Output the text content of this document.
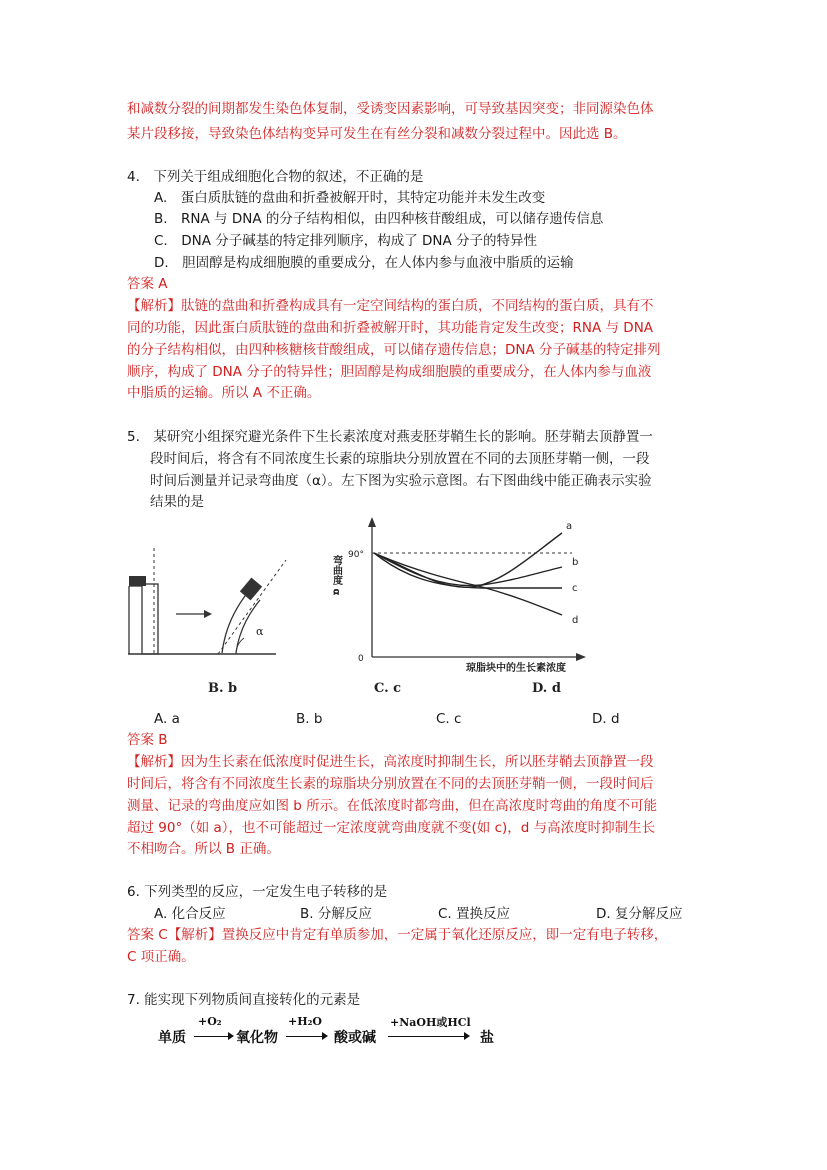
和减数分裂的间期都发生染色体复制，受诱变因素影响，可导致基因突变；非同源染色体
某片段移接，导致染色体结构变异可发生在有丝分裂和减数分裂过程中。因此选 B。
4.　下列关于组成细胞化合物的叙述，不正确的是
A.　蛋白质肽链的盘曲和折叠被解开时，其特定功能并未发生改变
B.　RNA 与 DNA 的分子结构相似，由四种核苷酸组成，可以储存遗传信息
C.　DNA 分子碱基的特定排列顺序，构成了 DNA 分子的特异性
D.　胆固醇是构成细胞膜的重要成分，在人体内参与血液中脂质的运输
答案 A
【解析】肽链的盘曲和折叠构成具有一定空间结构的蛋白质，不同结构的蛋白质，具有不
同的功能，因此蛋白质肽链的盘曲和折叠被解开时，其功能肯定发生改变；RNA 与 DNA
的分子结构相似，由四种核糖核苷酸组成，可以储存遗传信息；DNA 分子碱基的特定排列
顺序，构成了 DNA 分子的特异性；胆固醇是构成细胞膜的重要成分，在人体内参与血液
中脂质的运输。所以 A 不正确。
5.　某研究小组探究避光条件下生长素浓度对燕麦胚芽鞘生长的影响。胚芽鞘去顶静置一
段时间后，将含有不同浓度生长素的琼脂块分别放置在不同的去顶胚芽鞘一侧，一段
时间后测量并记录弯曲度（α）。左下图为实验示意图。右下图曲线中能正确表示实验
结果的是
α
弯曲度 α 90°
0
b
c
d
a
琼脂块中的生长素浓度
B. b	C. c	D. d
A. a	B. b	C. c	D. d
答案 B
【解析】因为生长素在低浓度时促进生长，高浓度时抑制生长，所以胚芽鞘去顶静置一段
时间后，将含有不同浓度生长素的琼脂块分别放置在不同的去顶胚芽鞘一侧，一段时间后
测量、记录的弯曲度应如图 b 所示。在低浓度时都弯曲，但在高浓度时弯曲的角度不可能
超过 90°（如 a），也不可能超过一定浓度就弯曲度就不变(如 c)，d 与高浓度时抑制生长
不相吻合。所以 B 正确。
6. 下列类型的反应，一定发生电子转移的是
A. 化合反应	B. 分解反应	C. 置换反应	D. 复分解反应
答案 C【解析】置换反应中肯定有单质参加，一定属于氧化还原反应，即一定有电子转移，
C 项正确。
7. 能实现下列物质间直接转化的元素是
单质
+O₂
氧化物
+H₂O
酸或碱
+NaOH或HCl
盐
